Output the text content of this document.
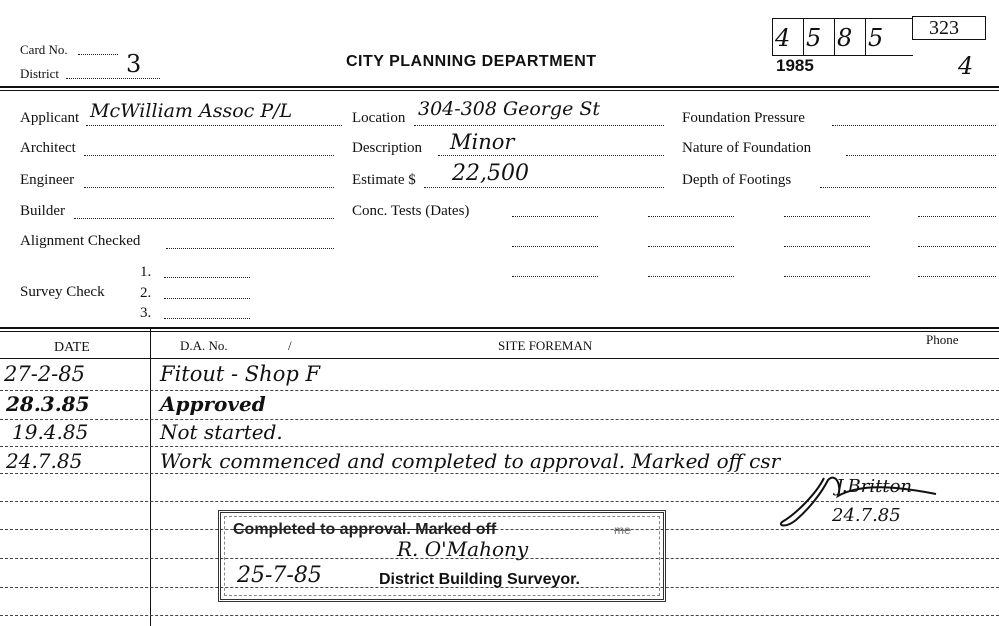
Card No.
District	3	CITY PLANNING DEPARTMENT
4 5 8 5 323
1985	4
Applicant McWilliam Assoc P/L
Architect
Engineer
Builder
Alignment Checked
Survey Check
1.
2.
3.
Location 304-308 George St
Description Minor
Estimate $ 22,500
Conc. Tests (Dates)
Foundation Pressure
Nature of Foundation
Depth of Footings
DATE	D.A. No.	/	SITE FOREMAN	Phone
27-2-85	Fitout - Shop F
28.3.85	Approved
19.4.85	Not started.
24.7.85	Work commenced and completed to approval. Marked off csr
J.Britton
24.7.85
Completed to approval. Marked off	me
R. O'Mahony
25-7-85	District Building Surveyor.
